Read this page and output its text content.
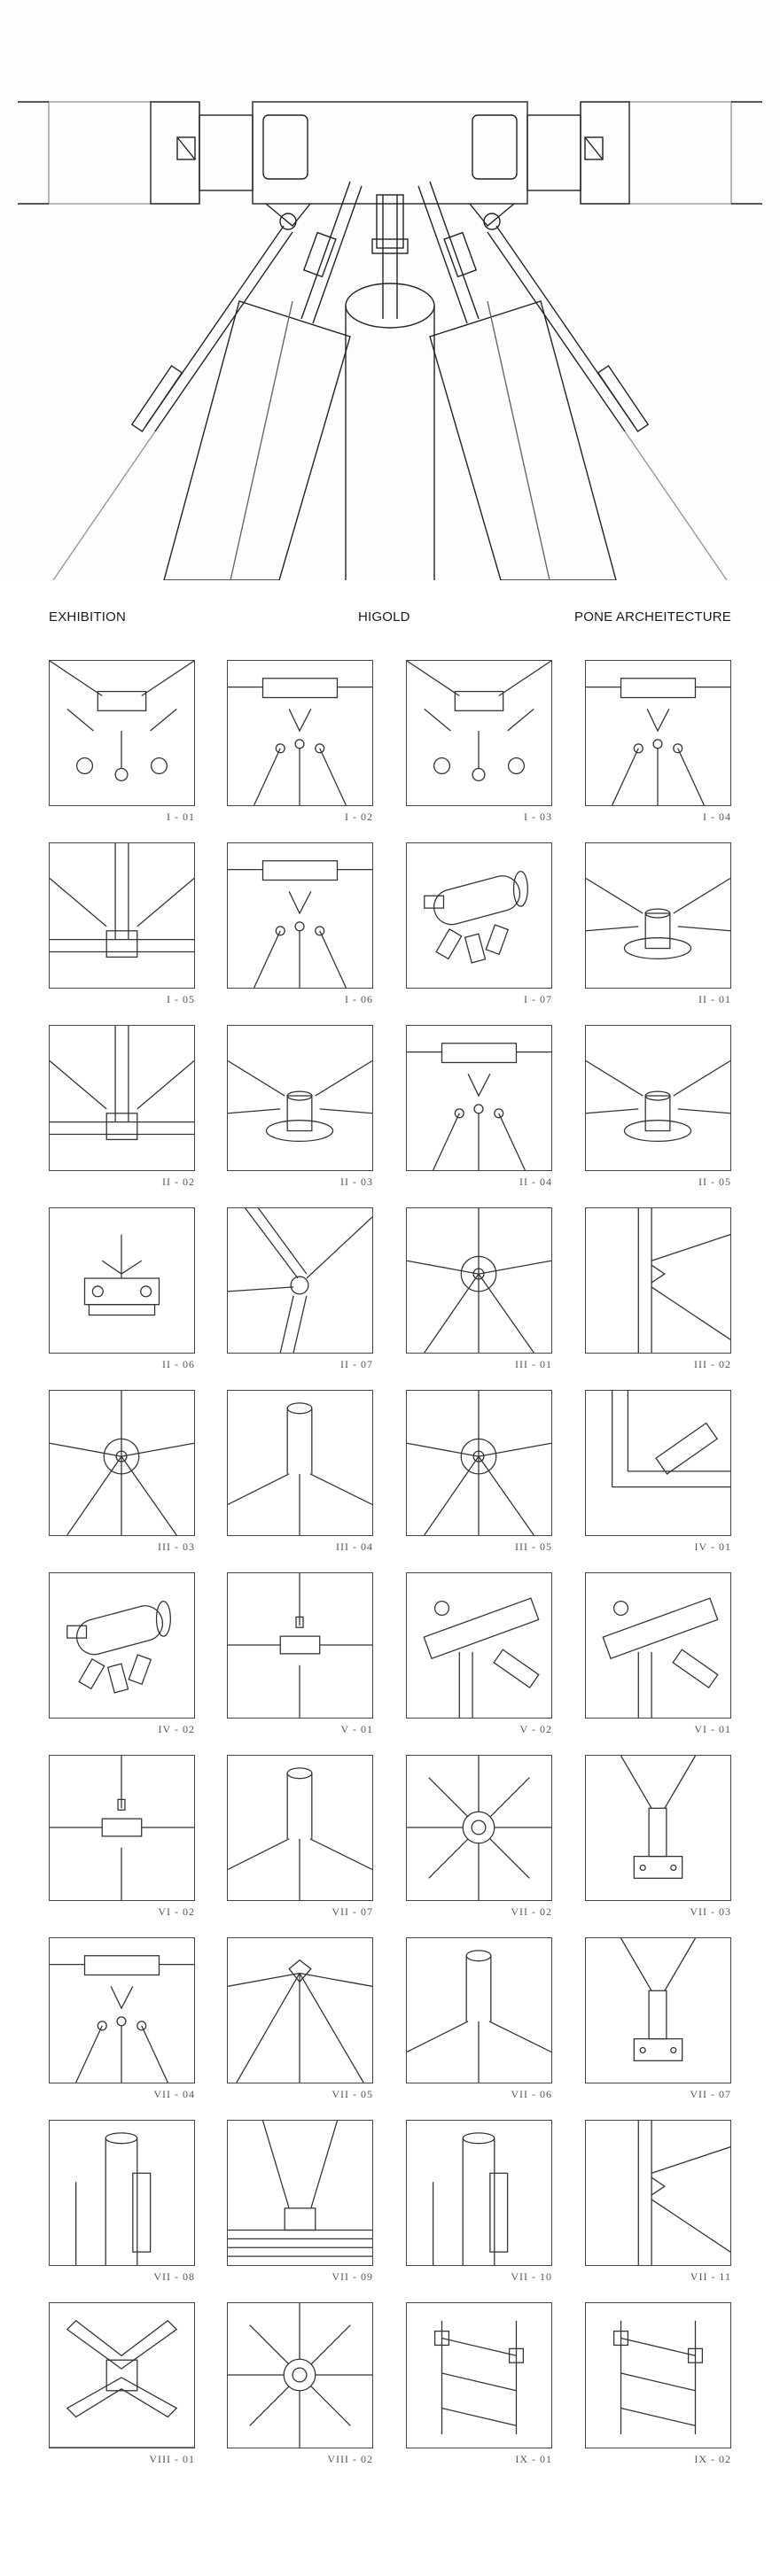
EXHIBITION	HIGOLD	PONE ARCHEITECTURE
I - 01	I - 02	I - 03	I - 04
I - 05	I - 06	I - 07	II - 01
II - 02	II - 03	II - 04	II - 05
II - 06	II - 07	III - 01	III - 02
III - 03	III - 04	III - 05	IV - 01
IV - 02	V - 01	V - 02	VI - 01
VI - 02	VII - 07	VII - 02	VII - 03
VII - 04	VII - 05	VII - 06	VII - 07
VII - 08	VII - 09	VII - 10	VII - 11
VIII - 01	VIII - 02	IX - 01	IX - 02
